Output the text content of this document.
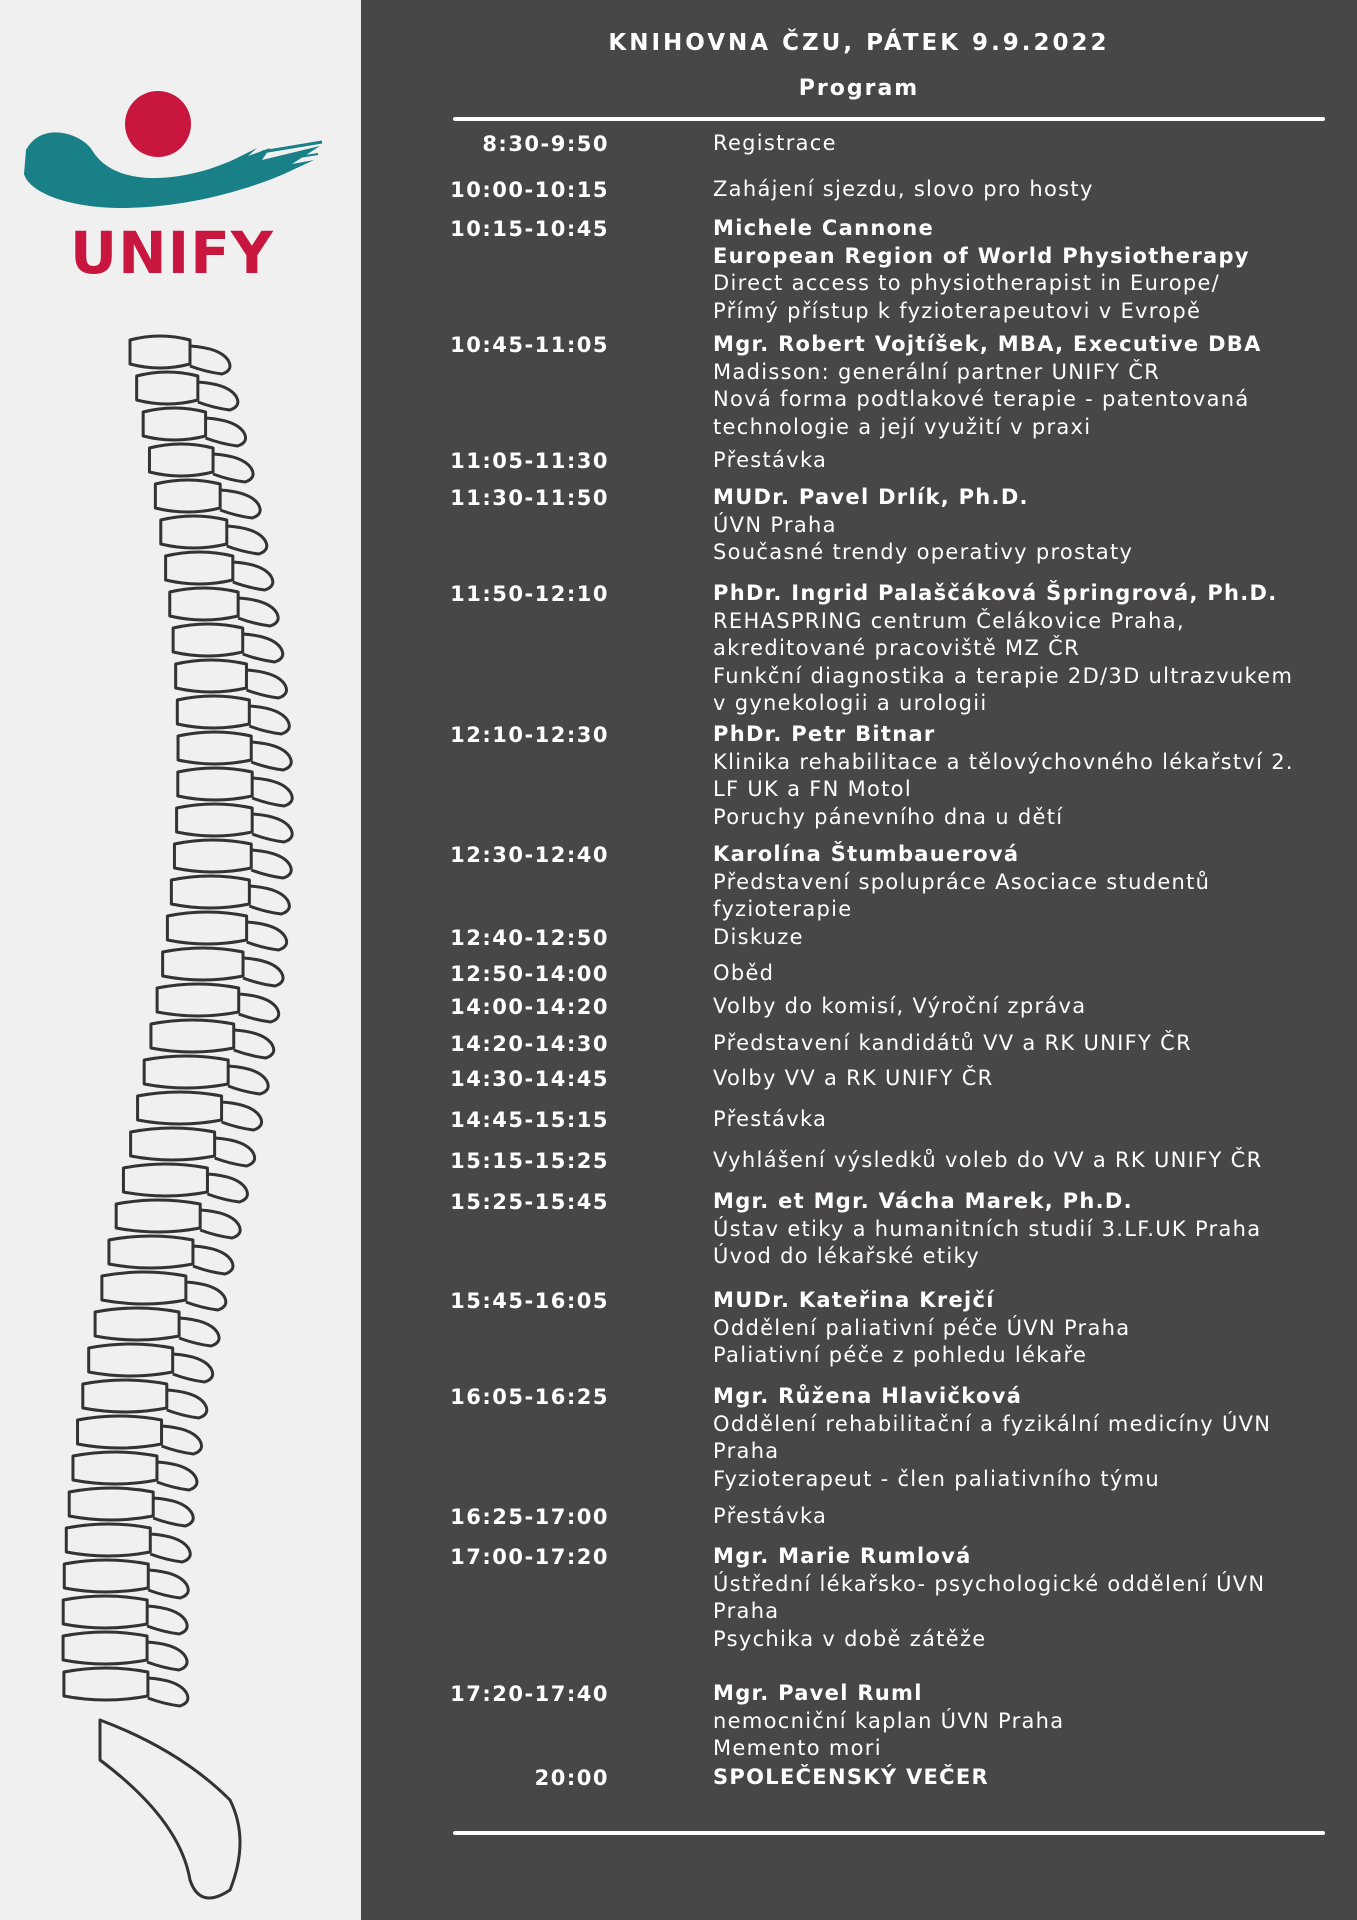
UNIFY
KNIHOVNA ČZU, PÁTEK 9.9.2022
Program
8:30-9:50	Registrace
10:00-10:15	Zahájení sjezdu, slovo pro hosty
10:15-10:45	Michele Cannone
European Region of World Physiotherapy
Direct access to physiotherapist in Europe/
Přímý přístup k fyzioterapeutovi v Evropě
10:45-11:05	Mgr. Robert Vojtíšek, MBA, Executive DBA
Madisson: generální partner UNIFY ČR
Nová forma podtlakové terapie - patentovaná
technologie a její využití v praxi
11:05-11:30	Přestávka
11:30-11:50	MUDr. Pavel Drlík, Ph.D.
ÚVN Praha
Současné trendy operativy prostaty
11:50-12:10	PhDr. Ingrid Palaščáková Špringrová, Ph.D.
REHASPRING centrum Čelákovice Praha,
akreditované pracoviště MZ ČR
Funkční diagnostika a terapie 2D/3D ultrazvukem
v gynekologii a urologii
12:10-12:30	PhDr. Petr Bitnar
Klinika rehabilitace a tělovýchovného lékařství 2.
LF UK a FN Motol
Poruchy pánevního dna u dětí
12:30-12:40	Karolína Štumbauerová
Představení spolupráce Asociace studentů
fyzioterapie
12:40-12:50	Diskuze
12:50-14:00	Oběd
14:00-14:20	Volby do komisí, Výroční zpráva
14:20-14:30	Představení kandidátů VV a RK UNIFY ČR
14:30-14:45	Volby VV a RK UNIFY ČR
14:45-15:15	Přestávka
15:15-15:25	Vyhlášení výsledků voleb do VV a RK UNIFY ČR
15:25-15:45	Mgr. et Mgr. Vácha Marek, Ph.D.
Ústav etiky a humanitních studií 3.LF.UK Praha
Úvod do lékařské etiky
15:45-16:05	MUDr. Kateřina Krejčí
Oddělení paliativní péče ÚVN Praha
Paliativní péče z pohledu lékaře
16:05-16:25	Mgr. Růžena Hlavičková
Oddělení rehabilitační a fyzikální medicíny ÚVN
Praha
Fyzioterapeut - člen paliativního týmu
16:25-17:00	Přestávka
17:00-17:20	Mgr. Marie Rumlová
Ústřední lékařsko- psychologické oddělení ÚVN
Praha
Psychika v době zátěže
17:20-17:40	Mgr. Pavel Ruml
nemocniční kaplan ÚVN Praha
Memento mori
20:00	SPOLEČENSKÝ VEČER
